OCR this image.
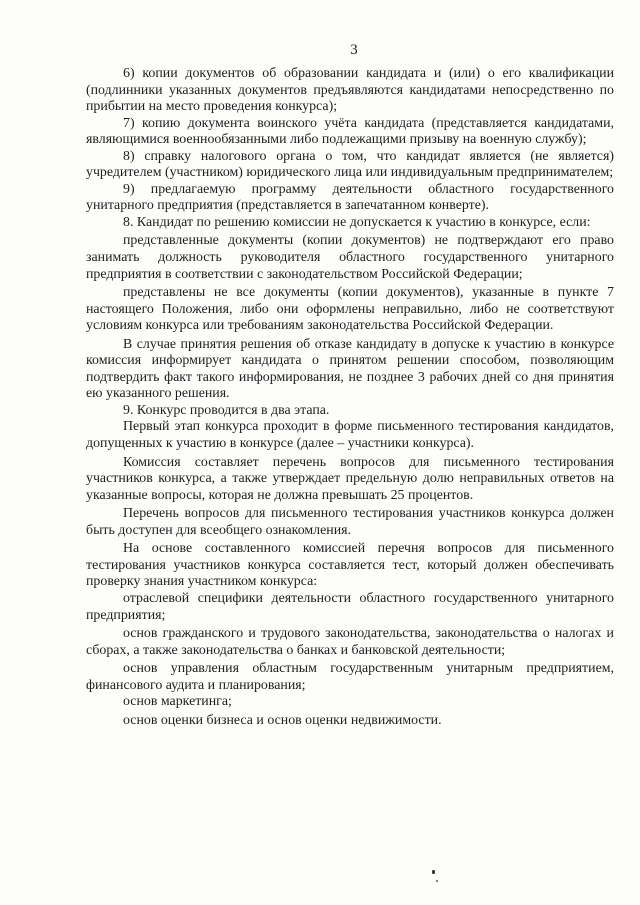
3

6) копии документов об образовании кандидата и (или) о его квалификации (подлинники указанных документов предъявляются кандидатами непосредственно по прибытии на место проведения конкурса);

7) копию документа воинского учёта кандидата (представляется кандидатами, являющимися военнообязанными либо подлежащими призыву на военную службу);

8) справку налогового органа о том, что кандидат является (не является) учредителем (участником) юридического лица или индивидуальным предпринимателем;

9) предлагаемую программу деятельности областного государственного унитарного предприятия (представляется в запечатанном конверте).

8. Кандидат по решению комиссии не допускается к участию в конкурсе, если:

представленные документы (копии документов) не подтверждают его право занимать должность руководителя областного государственного унитарного предприятия в соответствии с законодательством Российской Федерации;

представлены не все документы (копии документов), указанные в пункте 7 настоящего Положения, либо они оформлены неправильно, либо не соответствуют условиям конкурса или требованиям законодательства Российской Федерации.

В случае принятия решения об отказе кандидату в допуске к участию в конкурсе комиссия информирует кандидата о принятом решении способом, позволяющим подтвердить факт такого информирования, не позднее 3 рабочих дней со дня принятия ею указанного решения.

9. Конкурс проводится в два этапа.

Первый этап конкурса проходит в форме письменного тестирования кандидатов, допущенных к участию в конкурсе (далее – участники конкурса).

Комиссия составляет перечень вопросов для письменного тестирования участников конкурса, а также утверждает предельную долю неправильных ответов на указанные вопросы, которая не должна превышать 25 процентов.

Перечень вопросов для письменного тестирования участников конкурса должен быть доступен для всеобщего ознакомления.

На основе составленного комиссией перечня вопросов для письменного тестирования участников конкурса составляется тест, который должен обеспечивать проверку знания участником конкурса:

отраслевой специфики деятельности областного государственного унитарного предприятия;

основ гражданского и трудового законодательства, законодательства о налогах и сборах, а также законодательства о банках и банковской деятельности;

основ управления областным государственным унитарным предприятием, финансового аудита и планирования;

основ маркетинга;

основ оценки бизнеса и основ оценки недвижимости.
